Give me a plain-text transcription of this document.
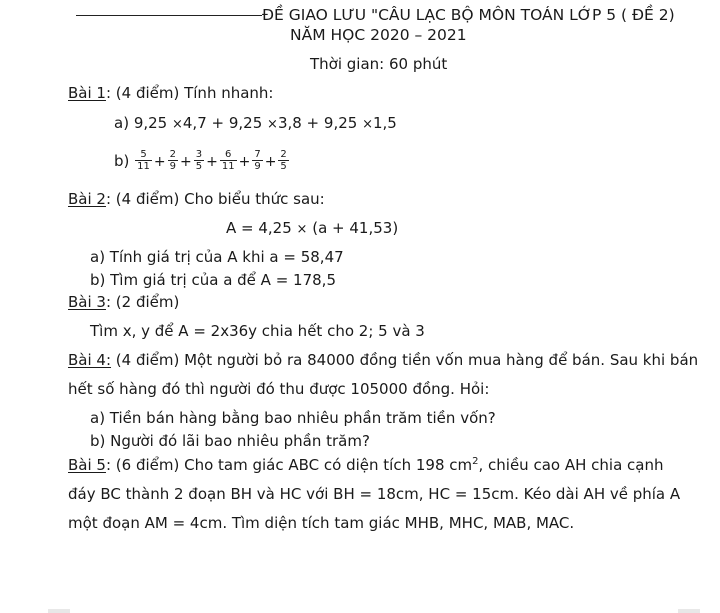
ĐỀ GIAO LƯU "CÂU LẠC BỘ MÔN TOÁN LỚP 5 ( ĐỀ 2)
NĂM HỌC 2020 – 2021
Thời gian: 60 phút
Bài 1: (4 điểm) Tính nhanh:
a) 9,25 ×4,7 + 9,25 ×3,8 + 9,25 ×1,5
$b) \frac{5}{11} + \frac{2}{9} + \frac{3}{5} + \frac{6}{11} + \frac{7}{9} + \frac{2}{5}$
Bài 2: (4 điểm) Cho biểu thức sau:
A = 4,25 × (a + 41,53)
a) Tính giá trị của A khi a = 58,47
b) Tìm giá trị của a để A = 178,5
Bài 3: (2 điểm)
Tìm x, y để A = 2x36y chia hết cho 2; 5 và 3
Bài 4: (4 điểm) Một người bỏ ra 84000 đồng tiền vốn mua hàng để bán. Sau khi bán
hết số hàng đó thì người đó thu được 105000 đồng. Hỏi:
a) Tiền bán hàng bằng bao nhiêu phần trăm tiền vốn?
b) Người đó lãi bao nhiêu phần trăm?
Bài 5: (6 điểm) Cho tam giác ABC có diện tích 198 $cm^2$, chiều cao AH chia cạnh
đáy BC thành 2 đoạn BH và HC với BH = 18cm, HC = 15cm. Kéo dài AH về phía A
một đoạn AM = 4cm. Tìm diện tích tam giác MHB, MHC, MAB, MAC.
